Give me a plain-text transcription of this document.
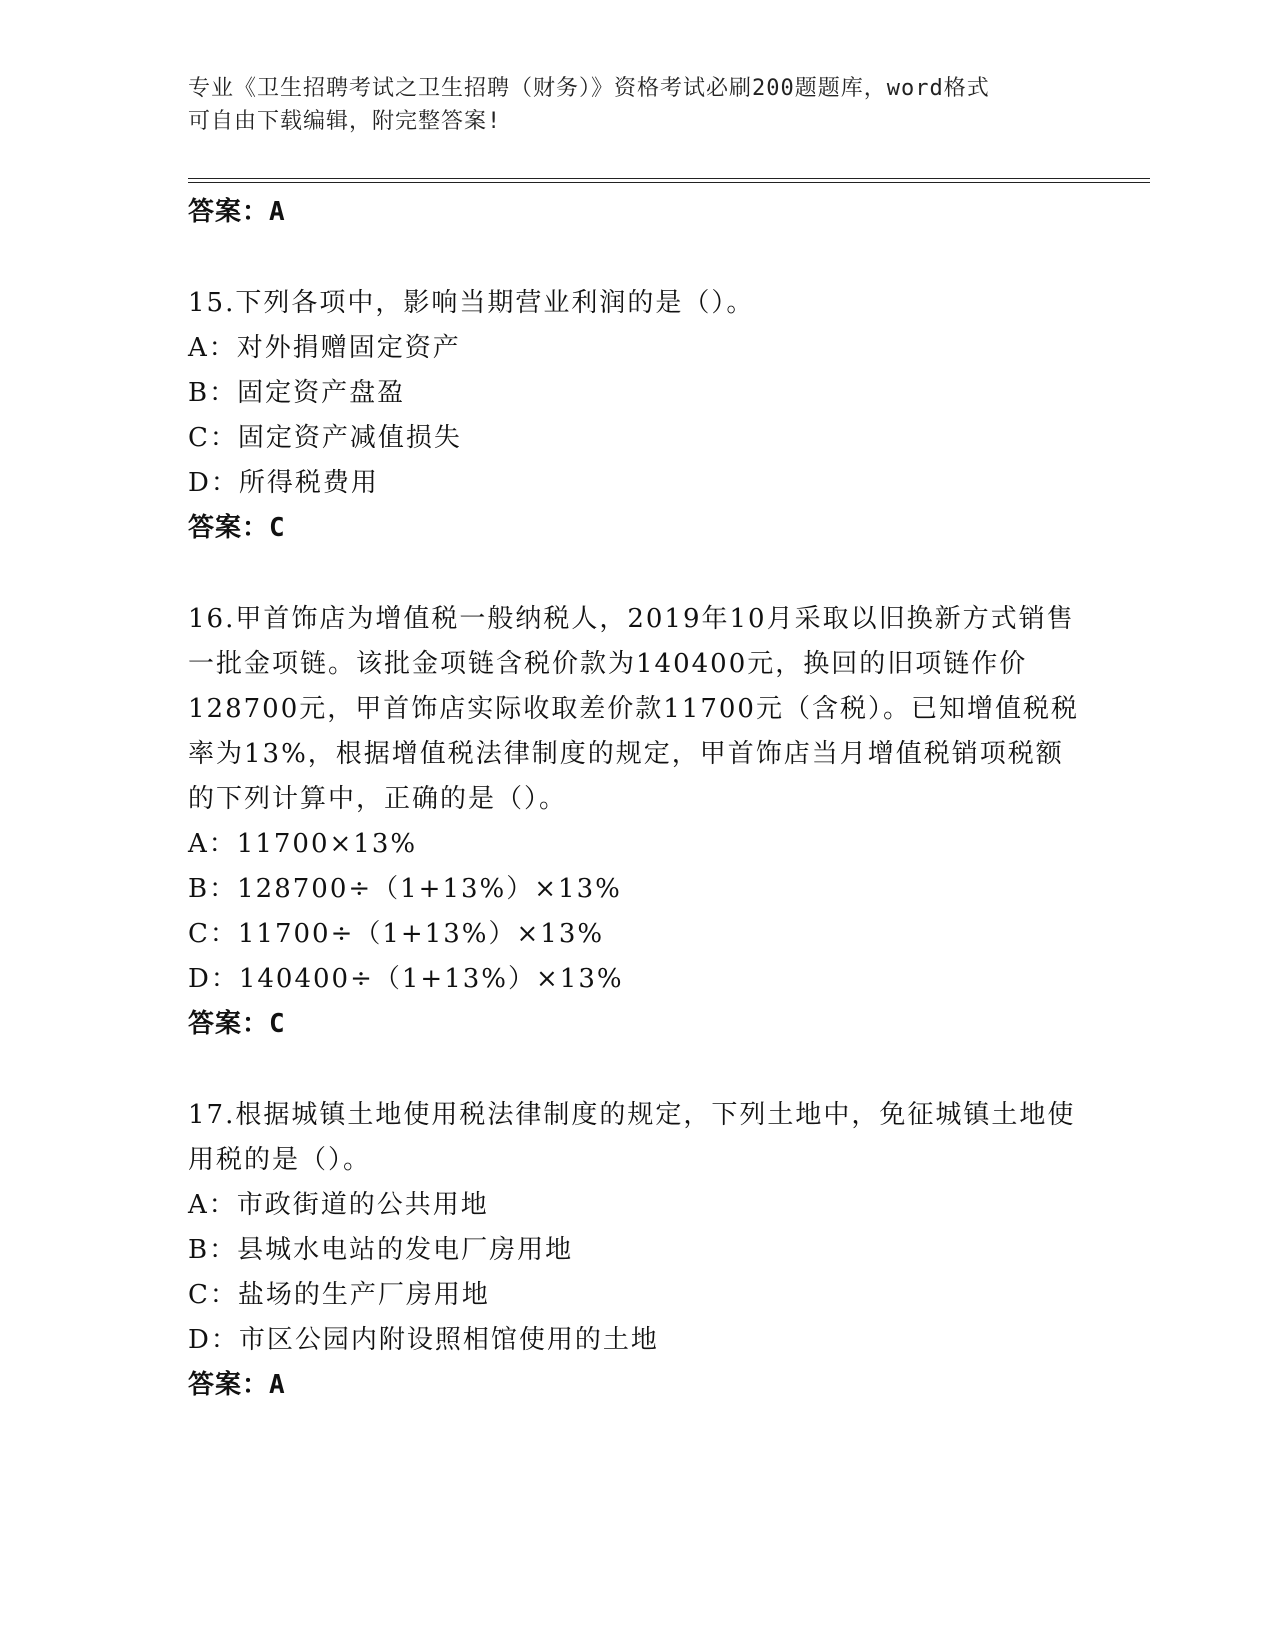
专业《卫生招聘考试之卫生招聘（财务）》资格考试必刷200题题库，word格式
可自由下载编辑，附完整答案!
答案：A

15.下列各项中，影响当期营业利润的是（）。

A：对外捐赠固定资产
B：固定资产盘盈
C：固定资产减值损失
D：所得税费用
答案：C

16.甲首饰店为增值税一般纳税人，2019年10月采取以旧换新方式销售一批金项链。该批金项链含税价款为140400元，换回的旧项链作价128700元，甲首饰店实际收取差价款11700元（含税）。已知增值税税率为13%，根据增值税法律制度的规定，甲首饰店当月增值税销项税额的下列计算中，正确的是（）。

A：11700×13%
B：128700÷（1+13%）×13%
C：11700÷（1+13%）×13%
D：140400÷（1+13%）×13%
答案：C

17.根据城镇土地使用税法律制度的规定，下列土地中，免征城镇土地使用税的是（）。

A：市政街道的公共用地
B：县城水电站的发电厂房用地
C：盐场的生产厂房用地
D：市区公园内附设照相馆使用的土地
答案：A
